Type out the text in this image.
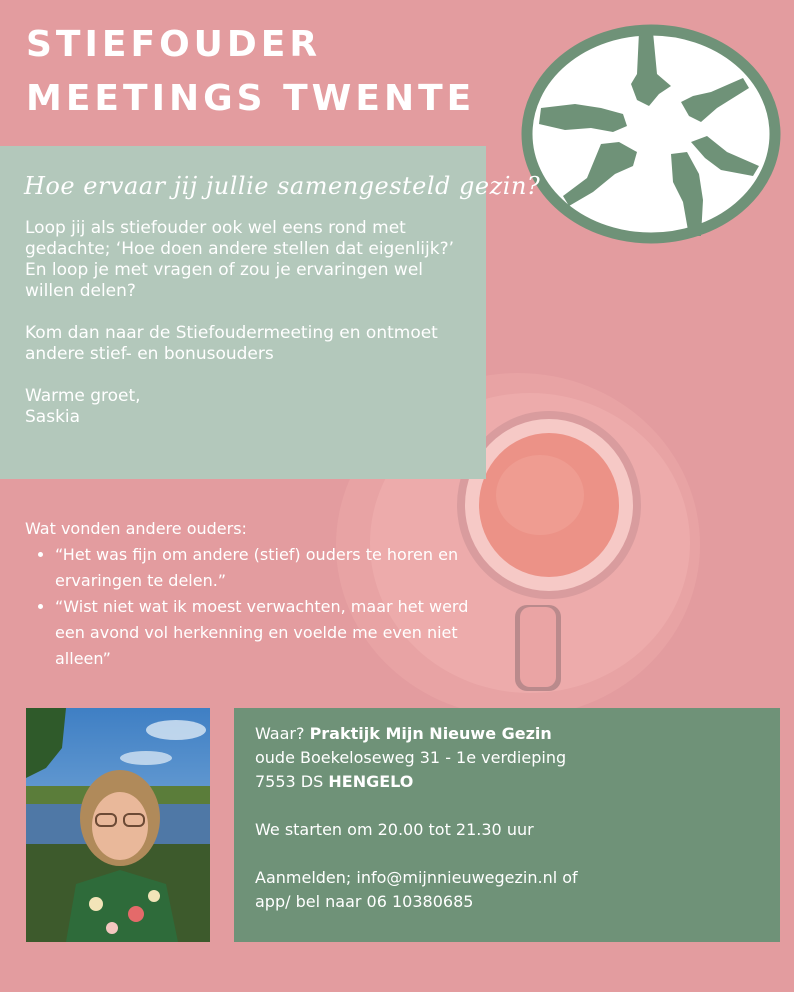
STIEFOUDER
MEETINGS TWENTE
Hoe ervaar jij jullie samengesteld gezin?

Loop jij als stiefouder ook wel eens rond met gedachte; ‘Hoe doen andere stellen dat eigenlijk?’

En loop je met vragen of zou je ervaringen wel willen delen?

Kom dan naar de Stiefoudermeeting en ontmoet andere stief- en bonusouders

Warme groet,

Saskia

Wat vonden andere ouders:
• “Het was fijn om andere (stief) ouders te horen en ervaringen te delen.”
• “Wist niet wat ik moest verwachten, maar het werd een avond vol herkenning en voelde me even niet alleen”

Waar? Praktijk Mijn Nieuwe Gezin

oude Boekeloseweg 31 - 1e verdieping

7553 DS HENGELO

We starten om 20.00 tot 21.30 uur

Aanmelden; info@mijnnieuwegezin.nl of

app/ bel naar 06 10380685
